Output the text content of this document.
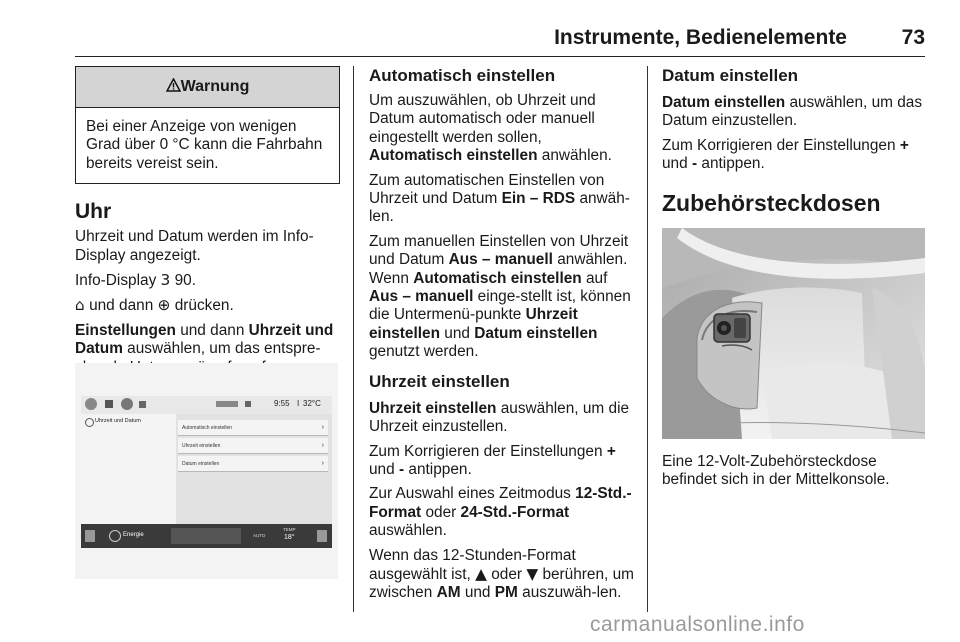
Instrumente, Bedienelemente	73
Warnung
Bei einer Anzeige von wenigen Grad über 0 °C kann die Fahrbahn bereits vereist sein.
Uhr

Uhrzeit und Datum werden im Info-Display angezeigt.

Info-Display 3 90.

⌂ und dann ⊕ drücken.

Einstellungen und dann Uhrzeit und Datum auswählen, um das entspre-

9:55 I 32°C
Uhrzeit und Datum
Automatisch einstellen	›
Uhrzeit einstellen	›
Datum einstellen	›
Energie	AUTO
TEMP
18°
Automatisch einstellen

Um auszuwählen, ob Uhrzeit und Datum automatisch oder manuell eingestellt werden sollen, Automatisch einstellen anwählen.

Zum automatischen Einstellen von Uhrzeit und Datum Ein – RDS anwäh-len.

Zum manuellen Einstellen von Uhrzeit und Datum Aus – manuell anwählen. Wenn Automatisch einstellen auf Aus – manuell einge-stellt ist, können die Untermenü-punkte Uhrzeit einstellen und Datum einstellen genutzt werden.

Uhrzeit einstellen

Uhrzeit einstellen auswählen, um die Uhrzeit einzustellen.

Zum Korrigieren der Einstellungen + und - antippen.

Zur Auswahl eines Zeitmodus 12-Std.-Format oder 24-Std.-Format auswählen.

Wenn das 12-Stunden-Format ausgewählt ist, ▲ oder ▼ berühren, um zwischen AM und PM auszuwäh-len.

Datum einstellen

Datum einstellen auswählen, um das Datum einzustellen.

Zum Korrigieren der Einstellungen + und - antippen.

Zubehörsteckdosen

Eine 12-Volt-Zubehörsteckdose befindet sich in der Mittelkonsole.

carmanualsonline.info
